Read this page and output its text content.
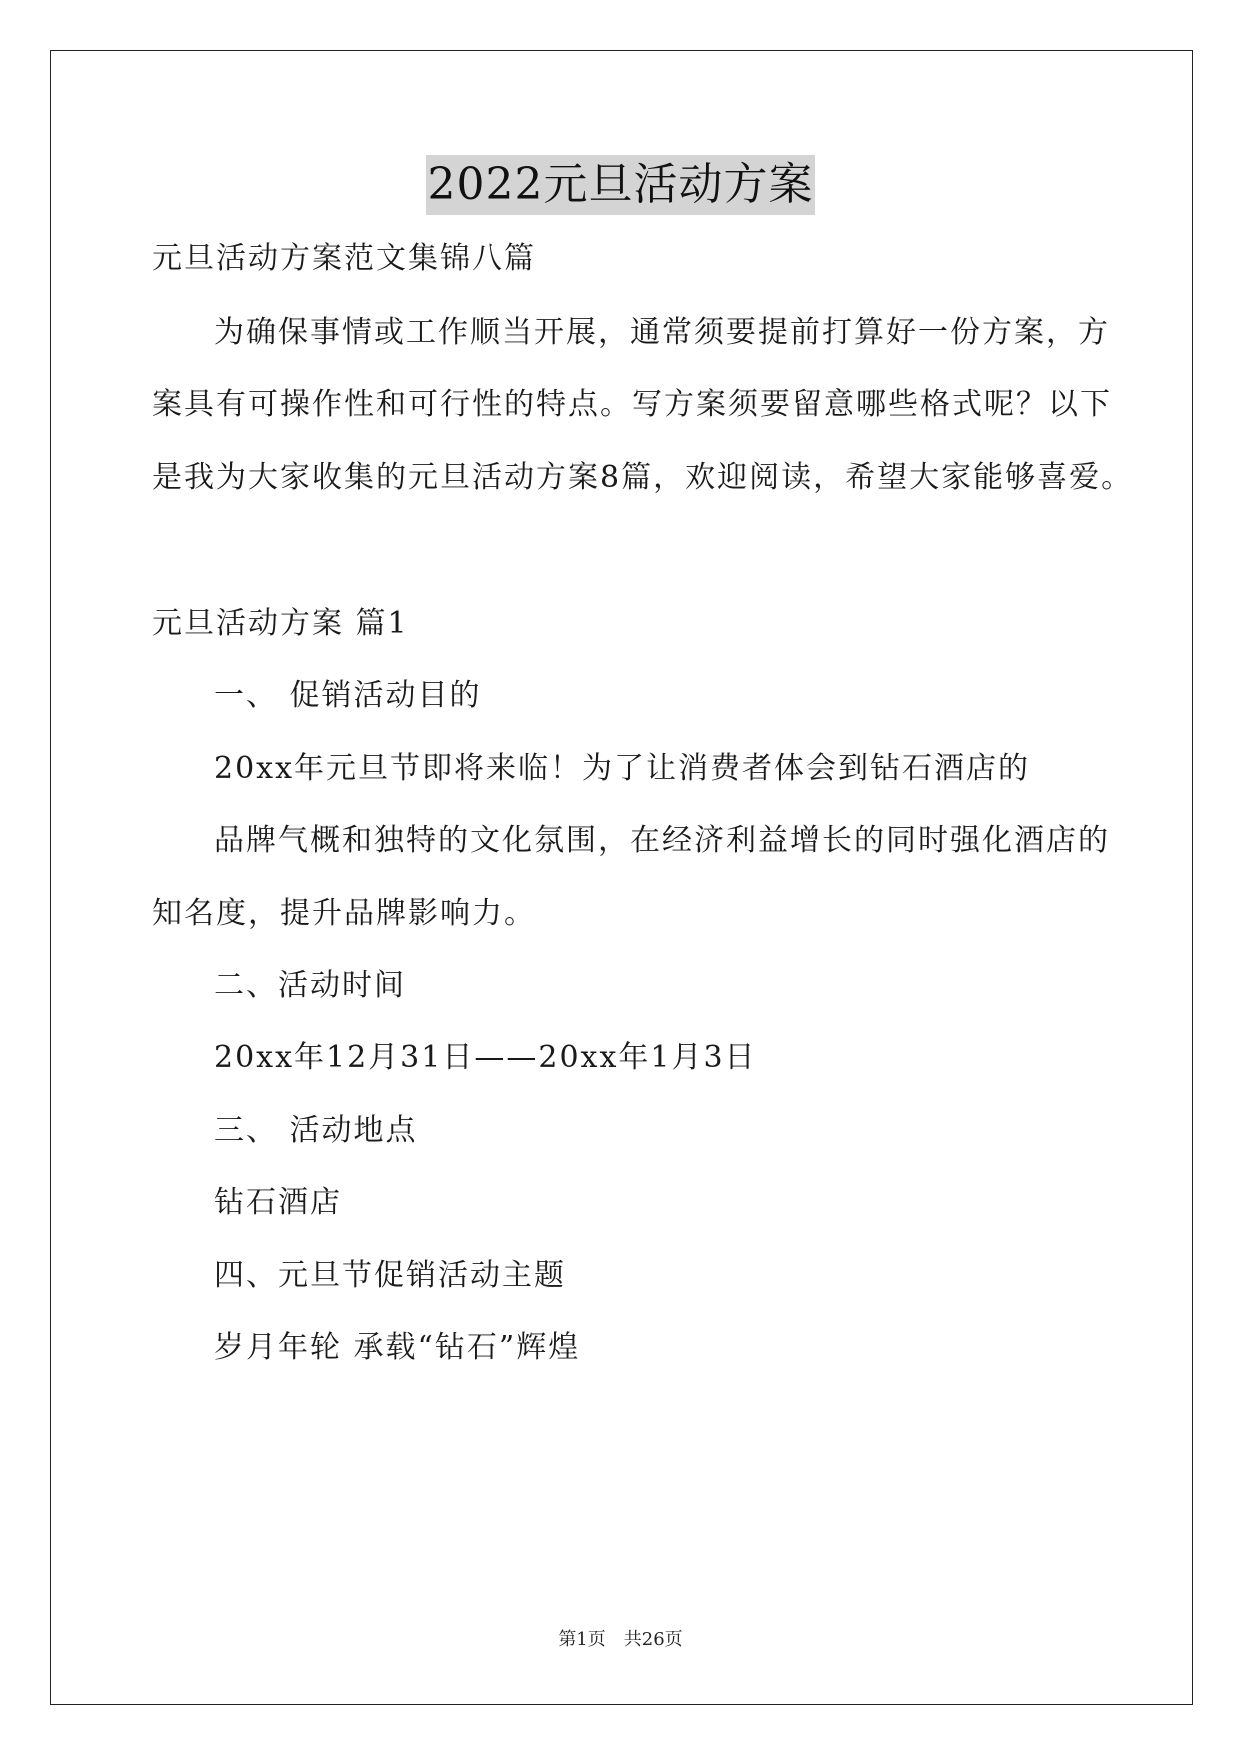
2022元旦活动方案
元旦活动方案范文集锦八篇
为确保事情或工作顺当开展，通常须要提前打算好一份方案，方
案具有可操作性和可行性的特点。写方案须要留意哪些格式呢？以下
是我为大家收集的元旦活动方案8篇，欢迎阅读，希望大家能够喜爱。
元旦活动方案 篇1
一、 促销活动目的
20xx年元旦节即将来临！为了让消费者体会到钻石酒店的
品牌气概和独特的文化氛围，在经济利益增长的同时强化酒店的
知名度，提升品牌影响力。
二、活动时间
20xx年12月31日——20xx年1月3日
三、 活动地点
钻石酒店
四、元旦节促销活动主题
岁月年轮 承载“钻石”辉煌
第1页　共26页
